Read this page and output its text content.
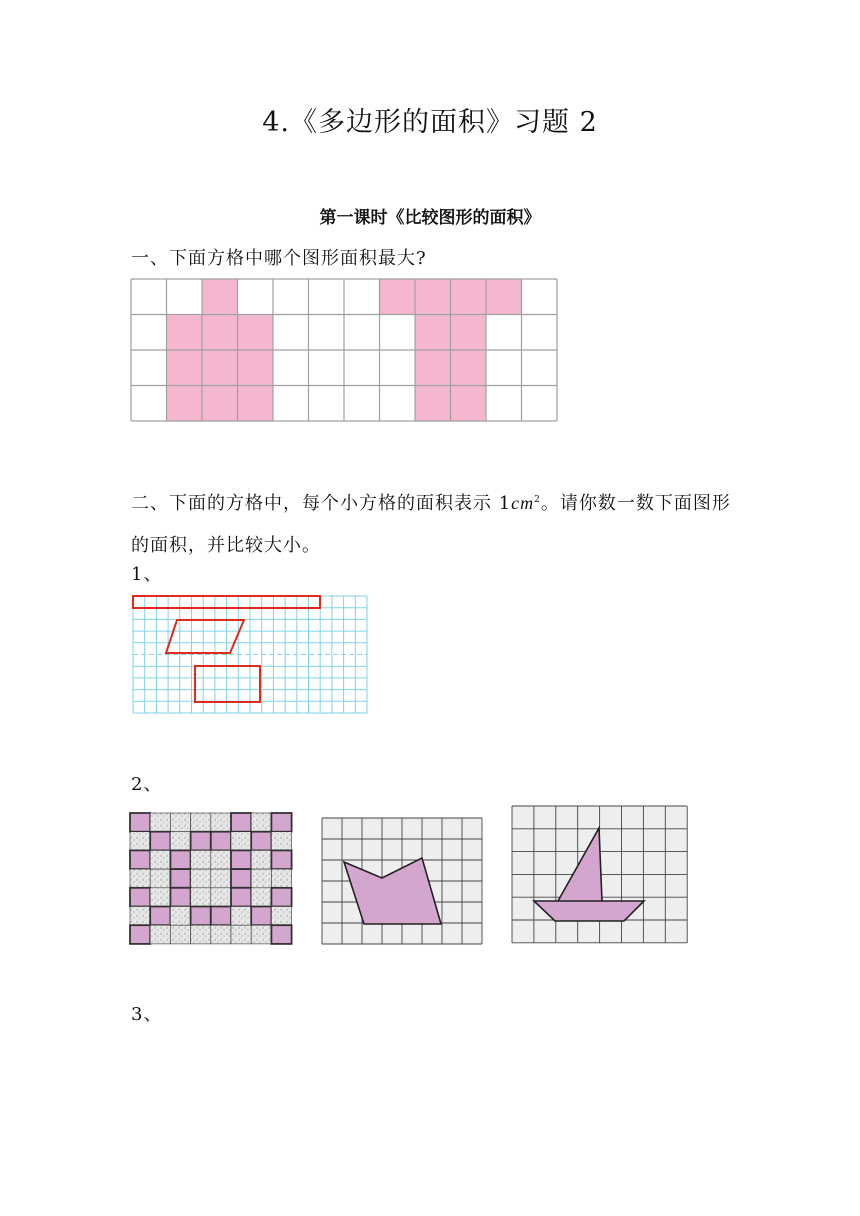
4.《多边形的面积》习题 2
第一课时《比较图形的面积》
一、下面方格中哪个图形面积最大?
二、下面的方格中，每个小方格的面积表示 $1cm^2$。请你数一数下面图形的面积，并比较大小。
1、
2、
3、
